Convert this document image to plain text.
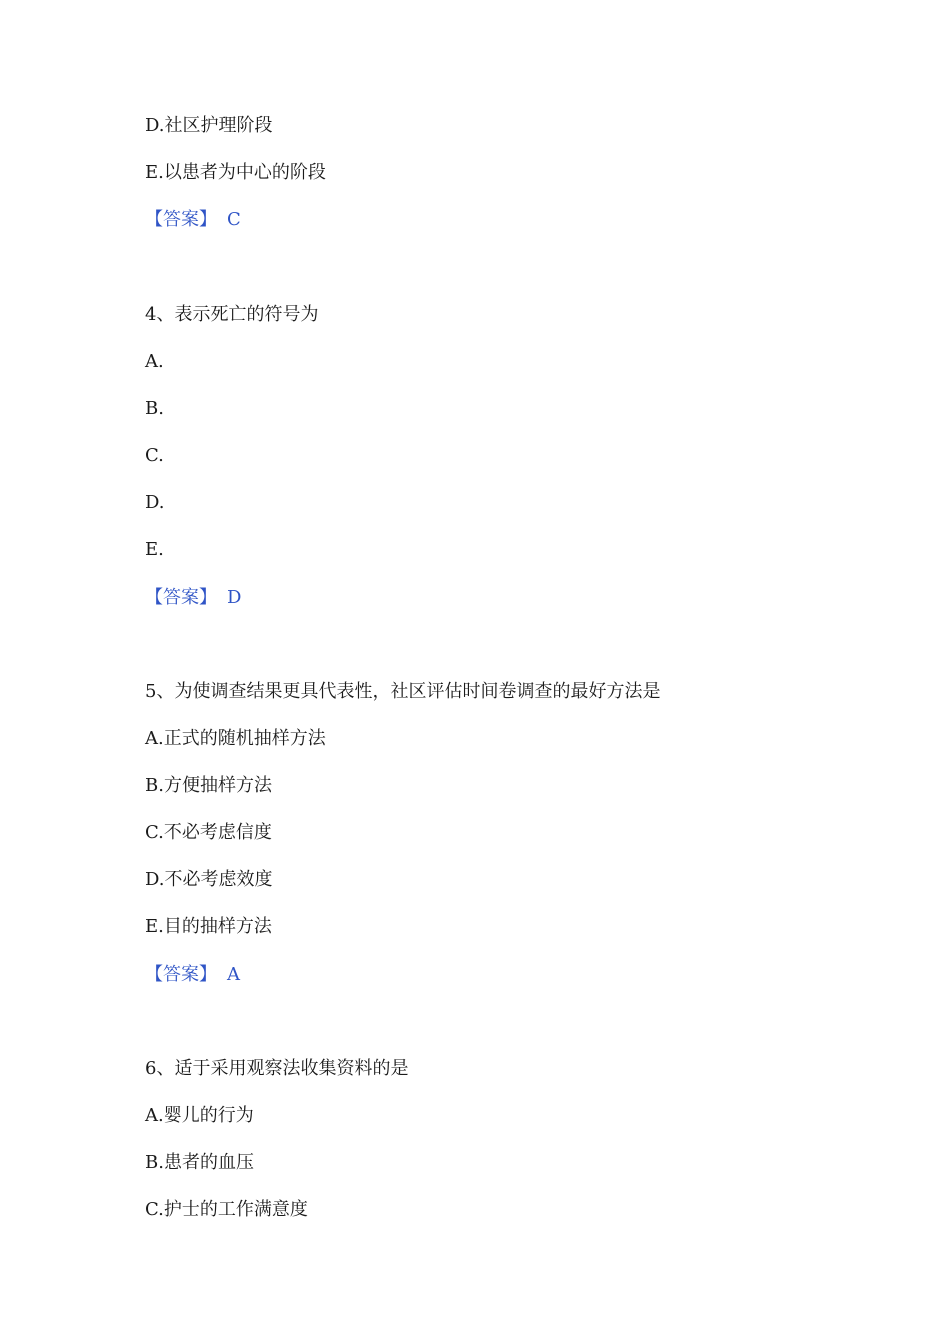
D.社区护理阶段
E.以患者为中心的阶段
【答案】 C
4、表示死亡的符号为
A.
B.
C.
D.
E.
【答案】 D
5、为使调查结果更具代表性，社区评估时间卷调查的最好方法是
A.正式的随机抽样方法
B.方便抽样方法
C.不必考虑信度
D.不必考虑效度
E.目的抽样方法
【答案】 A
6、适于采用观察法收集资料的是
A.婴儿的行为
B.患者的血压
C.护士的工作满意度
